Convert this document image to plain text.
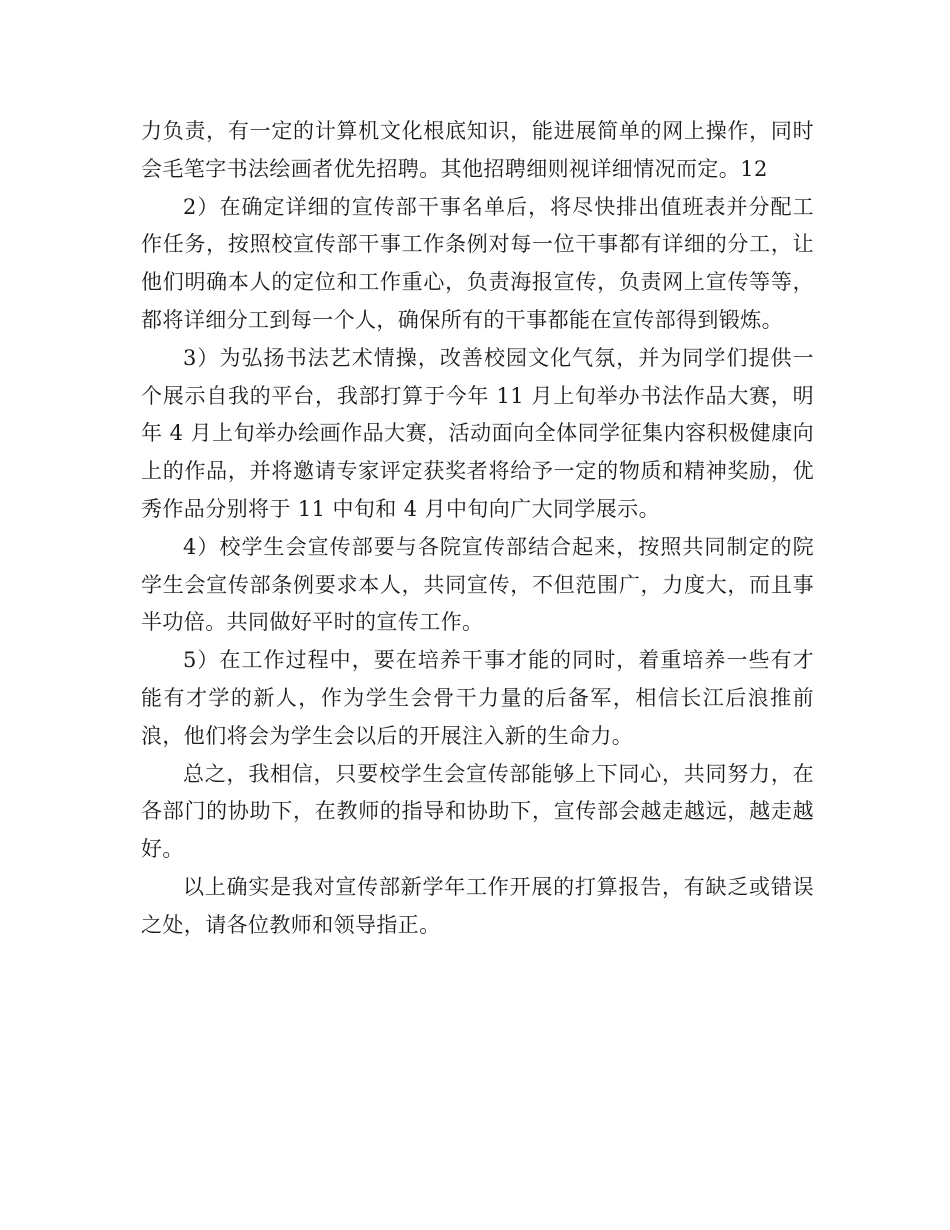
力负责，有一定的计算机文化根底知识，能进展简单的网上操作，同时会毛笔字书法绘画者优先招聘。其他招聘细则视详细情况而定。12

2）在确定详细的宣传部干事名单后，将尽快排出值班表并分配工作任务，按照校宣传部干事工作条例对每一位干事都有详细的分工，让他们明确本人的定位和工作重心，负责海报宣传，负责网上宣传等等，都将详细分工到每一个人，确保所有的干事都能在宣传部得到锻炼。

3）为弘扬书法艺术情操，改善校园文化气氛，并为同学们提供一个展示自我的平台，我部打算于今年 11 月上旬举办书法作品大赛，明年 4 月上旬举办绘画作品大赛，活动面向全体同学征集内容积极健康向上的作品，并将邀请专家评定获奖者将给予一定的物质和精神奖励，优秀作品分别将于 11 中旬和 4 月中旬向广大同学展示。

4）校学生会宣传部要与各院宣传部结合起来，按照共同制定的院学生会宣传部条例要求本人，共同宣传，不但范围广，力度大，而且事半功倍。共同做好平时的宣传工作。

5）在工作过程中，要在培养干事才能的同时，着重培养一些有才能有才学的新人，作为学生会骨干力量的后备军，相信长江后浪推前浪，他们将会为学生会以后的开展注入新的生命力。

总之，我相信，只要校学生会宣传部能够上下同心，共同努力，在各部门的协助下，在教师的指导和协助下，宣传部会越走越远，越走越好。

以上确实是我对宣传部新学年工作开展的打算报告，有缺乏或错误之处，请各位教师和领导指正。
